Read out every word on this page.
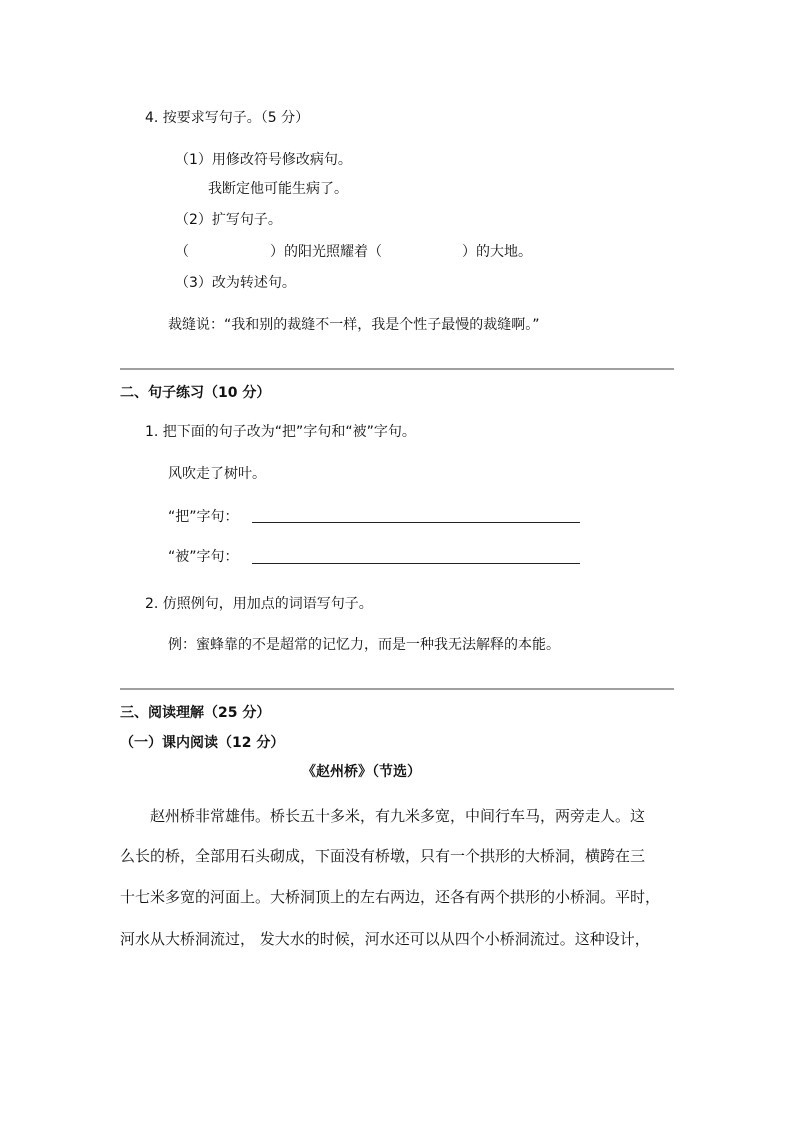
4. 按要求写句子。（5 分）
（1）用修改符号修改病句。
我断定他可能生病了。
（2）扩写句子。
（	）的阳光照耀着（	）的大地。
（3）改为转述句。
裁缝说：“我和别的裁缝不一样，我是个性子最慢的裁缝啊。”
二、句子练习（10 分）
1. 把下面的句子改为“把”字句和“被”字句。
风吹走了树叶。
“把”字句：
“被”字句：
2. 仿照例句，用加点的词语写句子。
例：蜜蜂靠的不是超常的记忆力，而是一种我无法解释的本能。
三、阅读理解（25 分）
（一）课内阅读（12 分）
《赵州桥》（节选）
赵州桥非常雄伟。桥长五十多米，有九米多宽，中间行车马，两旁走人。这
么长的桥，全部用石头砌成，下面没有桥墩，只有一个拱形的大桥洞，横跨在三
十七米多宽的河面上。大桥洞顶上的左右两边，还各有两个拱形的小桥洞。平时，
河水从大桥洞流过， 发大水的时候，河水还可以从四个小桥洞流过。这种设计，
